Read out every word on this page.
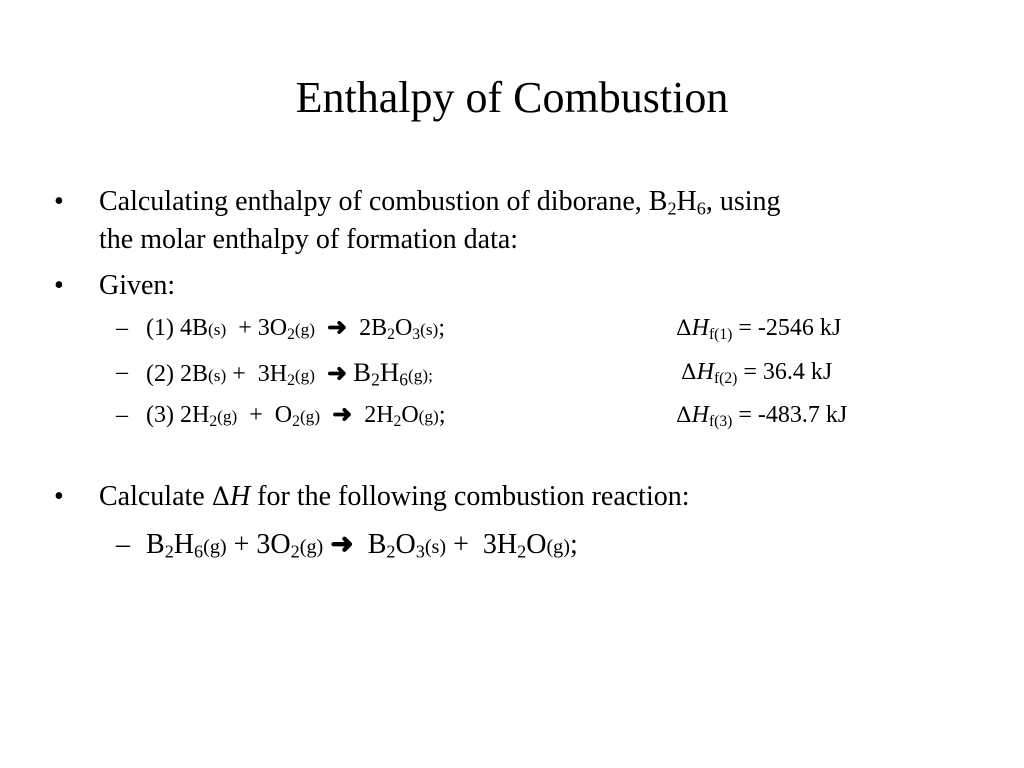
Enthalpy of Combustion
• Calculating enthalpy of combustion of diborane, $B_2H_6$, using
the molar enthalpy of formation data:
• Given:
– (1) $4B(s) + 3O_2(g)$ ➜  $2B_2O_3(s)$;	$\Delta H_{f(1)} = -2546$ kJ
– (2) $2B(s) + 3H_2(g)$ ➜ $B_2H_6(g)$;	$\Delta H_{f(2)} = 36.4$ kJ
– (3) $2H_2(g) + O_2(g)$ ➜  $2H_2O(g)$;	$\Delta H_{f(3)} = -483.7$ kJ
• Calculate ΔH for the following combustion reaction:
– $B_2H_6(g) + 3O_2(g)$ ➜  $B_2O_3(s) + 3H_2O(g)$;
